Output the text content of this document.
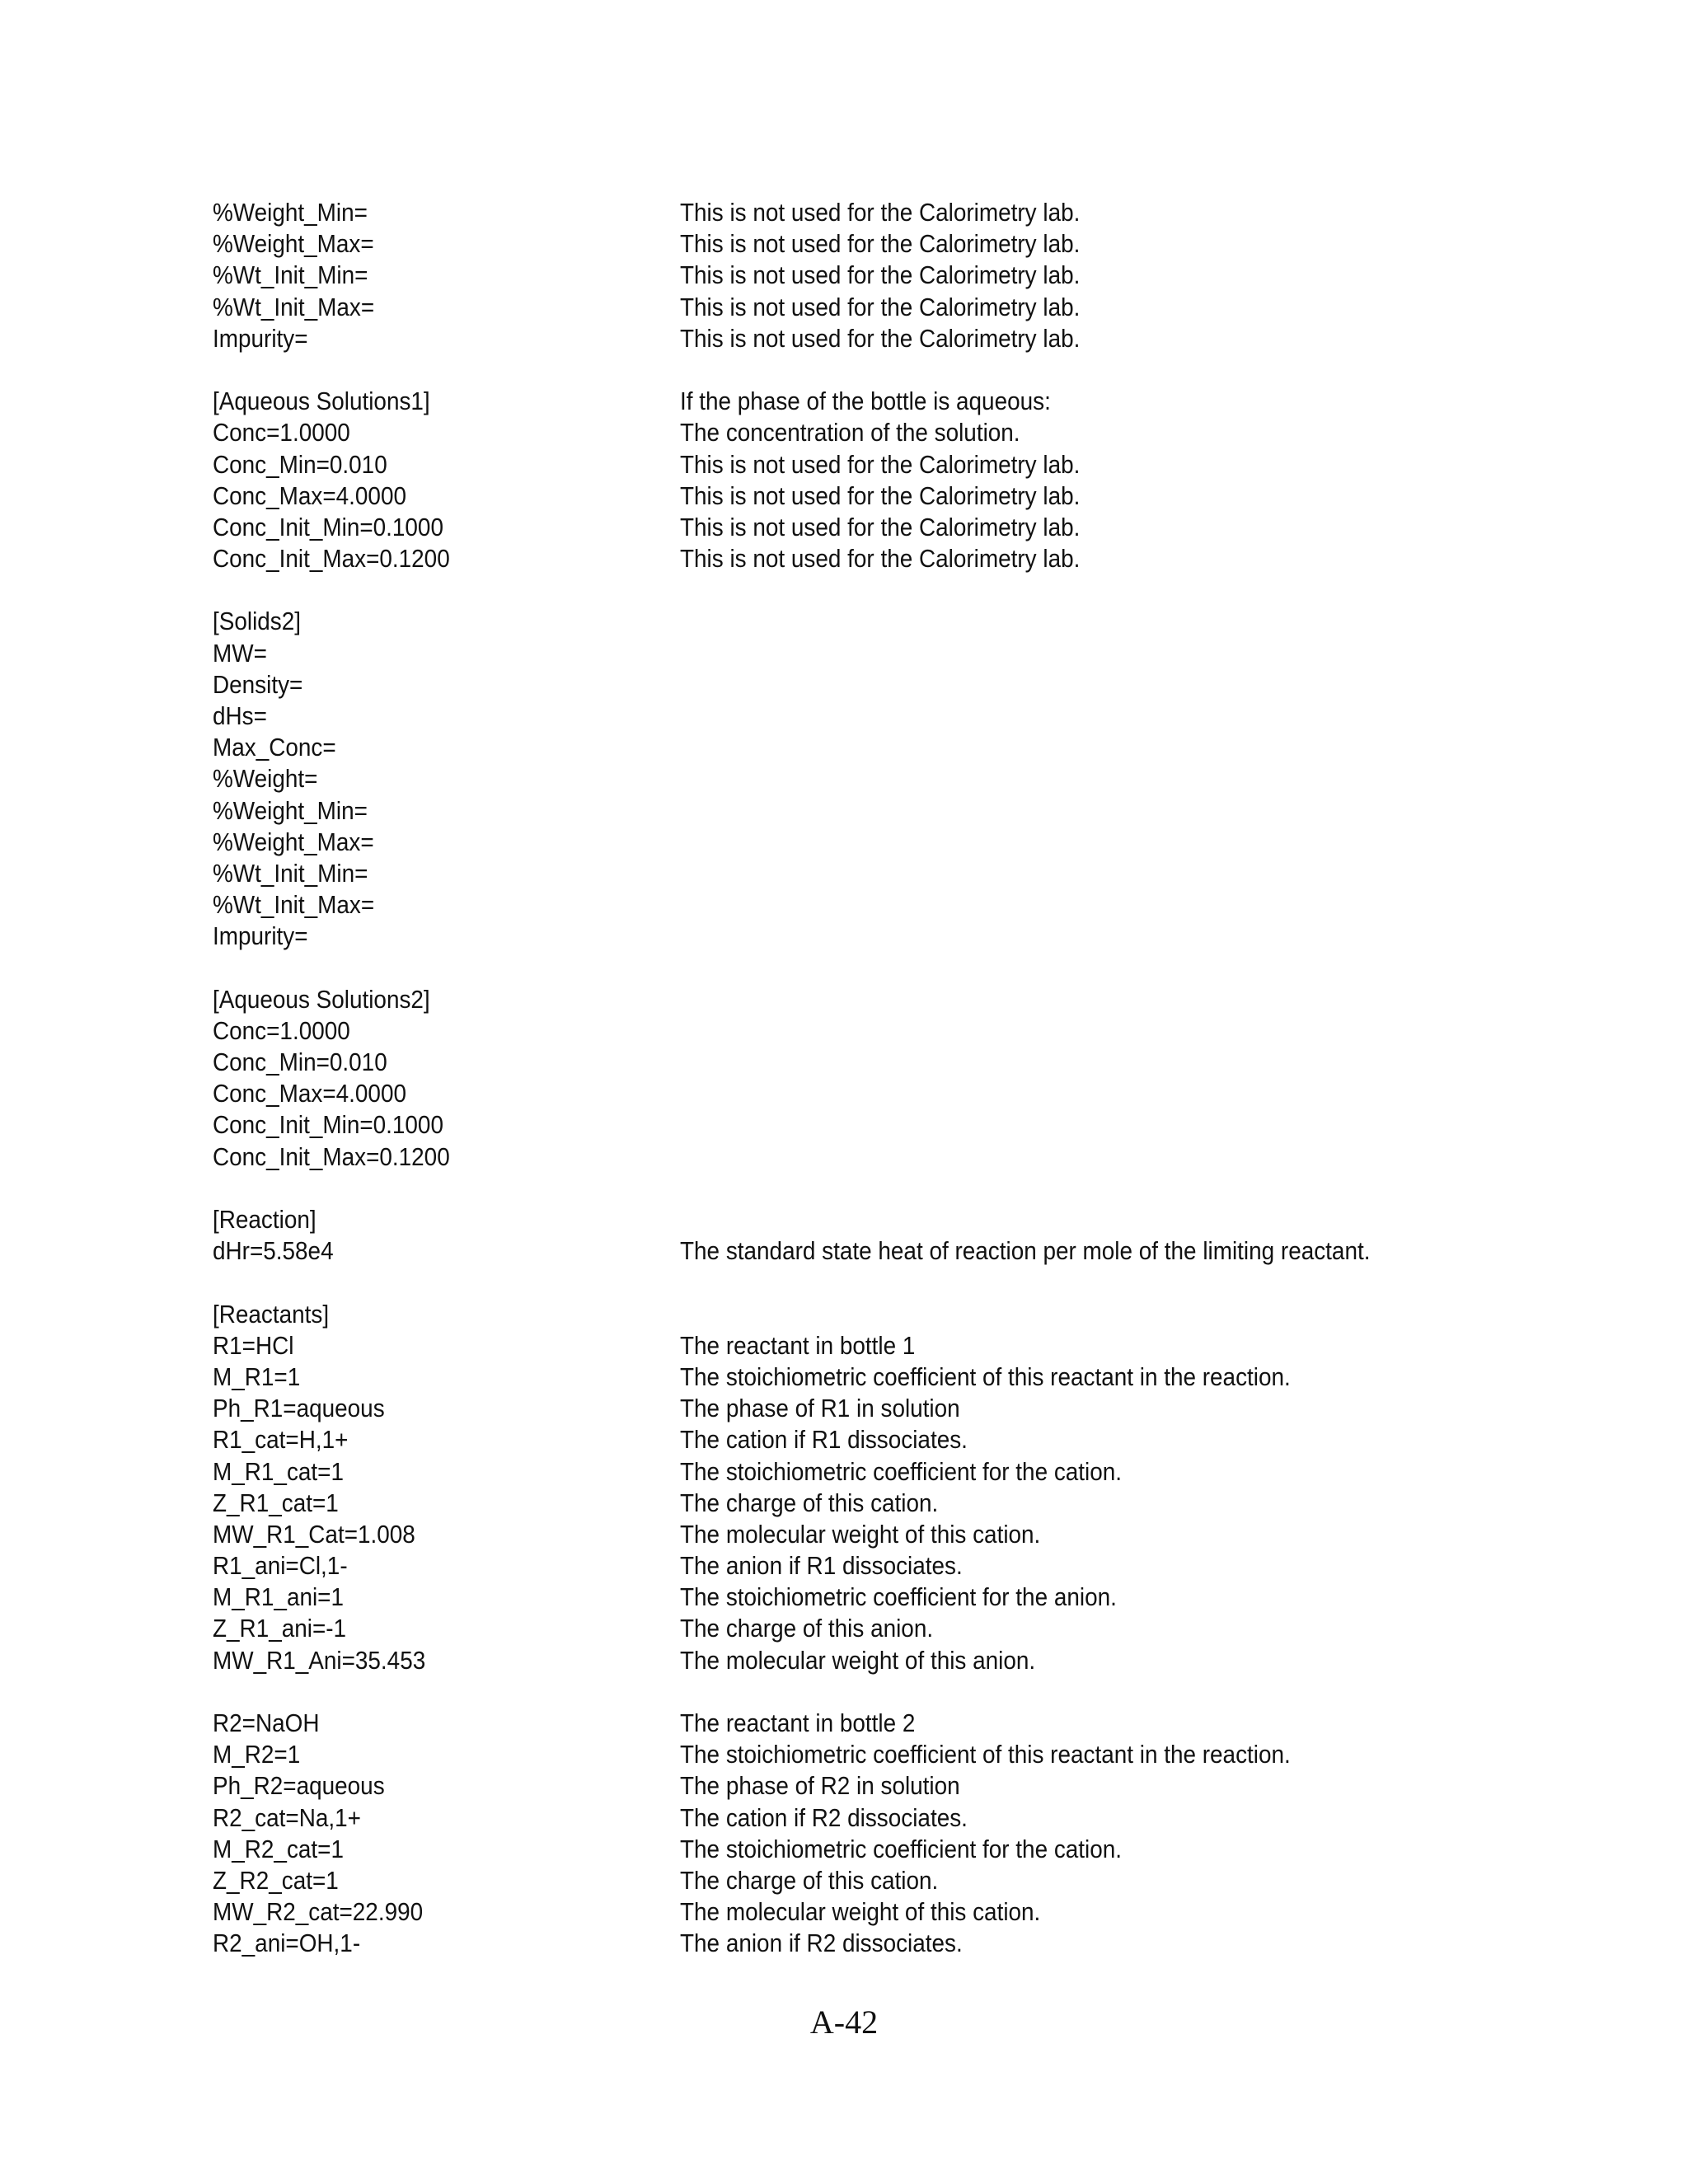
%Weight_Min=	This is not used for the Calorimetry lab.
%Weight_Max=	This is not used for the Calorimetry lab.
%Wt_Init_Min=	This is not used for the Calorimetry lab.
%Wt_Init_Max=	This is not used for the Calorimetry lab.
Impurity=	This is not used for the Calorimetry lab.
[Aqueous Solutions1]	If the phase of the bottle is aqueous:
Conc=1.0000	The concentration of the solution.
Conc_Min=0.010	This is not used for the Calorimetry lab.
Conc_Max=4.0000	This is not used for the Calorimetry lab.
Conc_Init_Min=0.1000	This is not used for the Calorimetry lab.
Conc_Init_Max=0.1200	This is not used for the Calorimetry lab.
[Solids2]
MW=
Density=
dHs=
Max_Conc=
%Weight=
%Weight_Min=
%Weight_Max=
%Wt_Init_Min=
%Wt_Init_Max=
Impurity=
[Aqueous Solutions2]
Conc=1.0000
Conc_Min=0.010
Conc_Max=4.0000
Conc_Init_Min=0.1000
Conc_Init_Max=0.1200
[Reaction]
dHr=5.58e4	The standard state heat of reaction per mole of the limiting reactant.
[Reactants]
R1=HCl	The reactant in bottle 1
M_R1=1	The stoichiometric coefficient of this reactant in the reaction.
Ph_R1=aqueous	The phase of R1 in solution
R1_cat=H,1+	The cation if R1 dissociates.
M_R1_cat=1	The stoichiometric coefficient for the cation.
Z_R1_cat=1	The charge of this cation.
MW_R1_Cat=1.008	The molecular weight of this cation.
R1_ani=Cl,1-	The anion if R1 dissociates.
M_R1_ani=1	The stoichiometric coefficient for the anion.
Z_R1_ani=-1	The charge of this anion.
MW_R1_Ani=35.453	The molecular weight of this anion.
R2=NaOH	The reactant in bottle 2
M_R2=1	The stoichiometric coefficient of this reactant in the reaction.
Ph_R2=aqueous	The phase of R2 in solution
R2_cat=Na,1+	The cation if R2 dissociates.
M_R2_cat=1	The stoichiometric coefficient for the cation.
Z_R2_cat=1	The charge of this cation.
MW_R2_cat=22.990	The molecular weight of this cation.
R2_ani=OH,1-	The anion if R2 dissociates.
A-42
